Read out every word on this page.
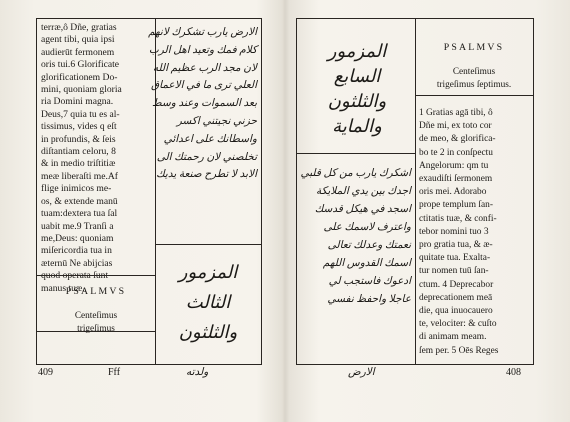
terræ,ô Dñe, gratias
agent tibi, quia ipsi
audierūt fermonem
oris tui.6 Glorificate
glorificationem Do-
mini, quoniam gloria
ria Domini magna.
Deus,7 quia tu es al-
tissimus, vides q eſt
in profundis, & ſeis
diſtantiam celoru, 8
& in medio triſtitiæ
meæ liberaſti me.Af
flige inimicos me-
os, & extende manū
tuam:dextera tua ſal
uabit me.9 Tranſi a
me,Deus: quoniam
miſericordia tua in
æternū Ne abijcias
quod operata ſunt
manus tuæ.
PSALMVS
Centeſimus
trigeſimus
الارض يارب تشكرك لانهم
كلام فمك وتعيد اهل الرب
لان مجد الرب عظيم الله
العلي ترى ما في الاعماق
بعد السموات وعند وسط
حزني نجيتني اكسر
واسطانك على اعدائي
تخلصني لان رحمتك الى
الابد لا تطرح صنعة يديك
المزمور
الثالث
والثلثون
409	Fff	ولدته
المزمور
السابع
والثلثون
والماية
اشكرك يارب من كل قلبي
اجدك بين يدي الملايكة
اسجد في هيكل قدسك
واعترف لاسمك على
نعمتك وعدلك تعالى
اسمك القدوس اللهم
ادعوك فاستجب لي
عاجلا واحفظ نفسي
PSALMVS
Centeſimus
trigeſimus ſeptimus.
1 Gratias agā tibi, ô
Dñe mi, ex toto cor
de meo, & glorifica-
bo te 2 in conſpectu
Angelorum: qm tu
exaudiſti ſermonem
oris mei. Adorabo
prope templum ſan-
ctitatis tuæ, & confi-
tebor nomini tuo 3
pro gratia tua, & æ-
quitate tua. Exalta-
tur nomen tuū ſan-
ctum. 4 Deprecabor
deprecationem meā
die, qua inuocauero
te, velociter: & cuſto
di animam meam.
ſem per. 5 Oēs Reges
الارض	408
